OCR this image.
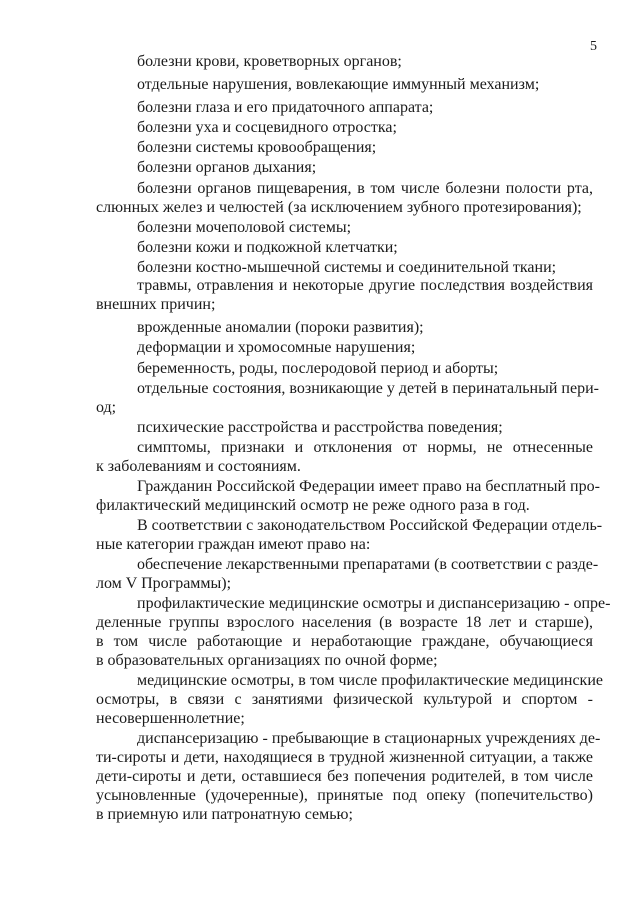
5
болезни крови, кроветворных органов;
отдельные нарушения, вовлекающие иммунный механизм;
болезни глаза и его придаточного аппарата;
болезни уха и сосцевидного отростка;
болезни системы кровообращения;
болезни органов дыхания;
болезни органов пищеварения, в том числе болезни полости рта,
слюнных желез и челюстей (за исключением зубного протезирования);
болезни мочеполовой системы;
болезни кожи и подкожной клетчатки;
болезни костно-мышечной системы и соединительной ткани;
травмы, отравления и некоторые другие последствия воздействия
внешних причин;
врожденные аномалии (пороки развития);
деформации и хромосомные нарушения;
беременность, роды, послеродовой период и аборты;
отдельные состояния, возникающие у детей в перинатальный пери-
од;
психические расстройства и расстройства поведения;
симптомы, признаки и отклонения от нормы, не отнесенные
к заболеваниям и состояниям.
Гражданин Российской Федерации имеет право на бесплатный про-
филактический медицинский осмотр не реже одного раза в год.
В соответствии с законодательством Российской Федерации отдель-
ные категории граждан имеют право на:
обеспечение лекарственными препаратами (в соответствии с разде-
лом V Программы);
профилактические медицинские осмотры и диспансеризацию - опре-
деленные группы взрослого населения (в возрасте 18 лет и старше),
в том числе работающие и неработающие граждане, обучающиеся
в образовательных организациях по очной форме;
медицинские осмотры, в том числе профилактические медицинские
осмотры, в связи с занятиями физической культурой и спортом -
несовершеннолетние;
диспансеризацию - пребывающие в стационарных учреждениях де-
ти-сироты и дети, находящиеся в трудной жизненной ситуации, а также
дети-сироты и дети, оставшиеся без попечения родителей, в том числе
усыновленные (удочеренные), принятые под опеку (попечительство)
в приемную или патронатную семью;
